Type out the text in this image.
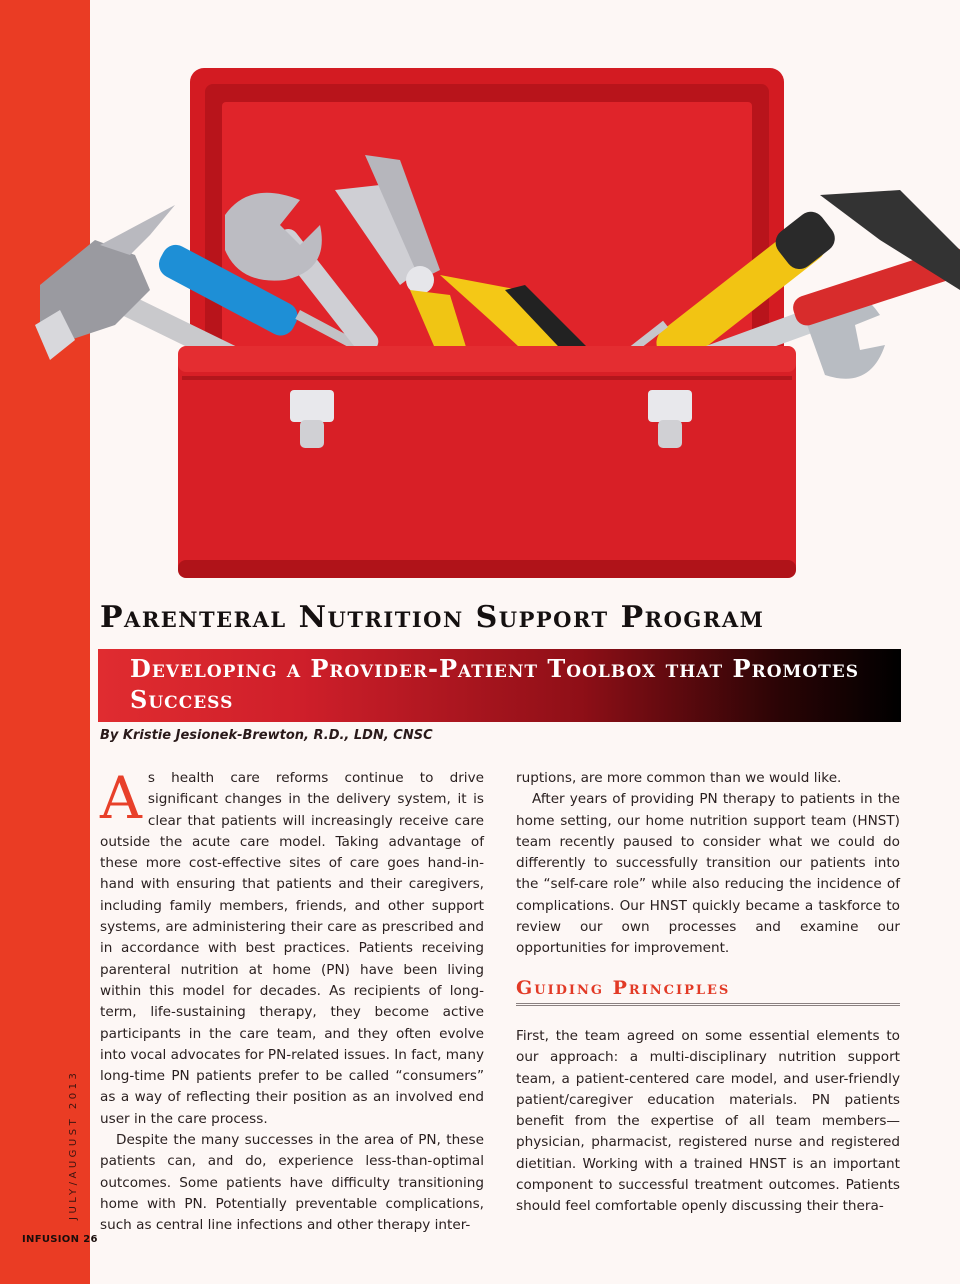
JULY/AUGUST 2013
INFUSION 26
Parenteral Nutrition Support Program
Developing a Provider-Patient Toolbox that Promotes Success
By Kristie Jesionek-Brewton, R.D., LDN, CNSC

As health care reforms continue to drive significant changes in the delivery system, it is clear that patients will increasingly receive care outside the acute care model. Taking advantage of these more cost-effective sites of care goes hand-in-hand with ensuring that patients and their caregivers, including family members, friends, and other support systems, are administering their care as prescribed and in accordance with best practices. Patients receiving parenteral nutrition at home (PN) have been living within this model for decades. As recipients of long-term, life-sustaining therapy, they become active participants in the care team, and they often evolve into vocal advocates for PN-related issues. In fact, many long-time PN patients prefer to be called “consumers” as a way of reflecting their position as an involved end user in the care process.

Despite the many successes in the area of PN, these patients can, and do, experience less-than-optimal outcomes. Some patients have difficulty transitioning home with PN. Potentially preventable complications, such as central line infections and other therapy inter-

ruptions, are more common than we would like.

After years of providing PN therapy to patients in the home setting, our home nutrition support team (HNST) team recently paused to consider what we could do differently to successfully transition our patients into the “self-care role” while also reducing the incidence of complications. Our HNST quickly became a taskforce to review our own processes and examine our opportunities for improvement.

Guiding Principles

First, the team agreed on some essential elements to our approach: a multi-disciplinary nutrition support team, a patient-centered care model, and user-friendly patient/caregiver education materials. PN patients benefit from the expertise of all team members—physician, pharmacist, registered nurse and registered dietitian. Working with a trained HNST is an important component to successful treatment outcomes. Patients should feel comfortable openly discussing their thera-
